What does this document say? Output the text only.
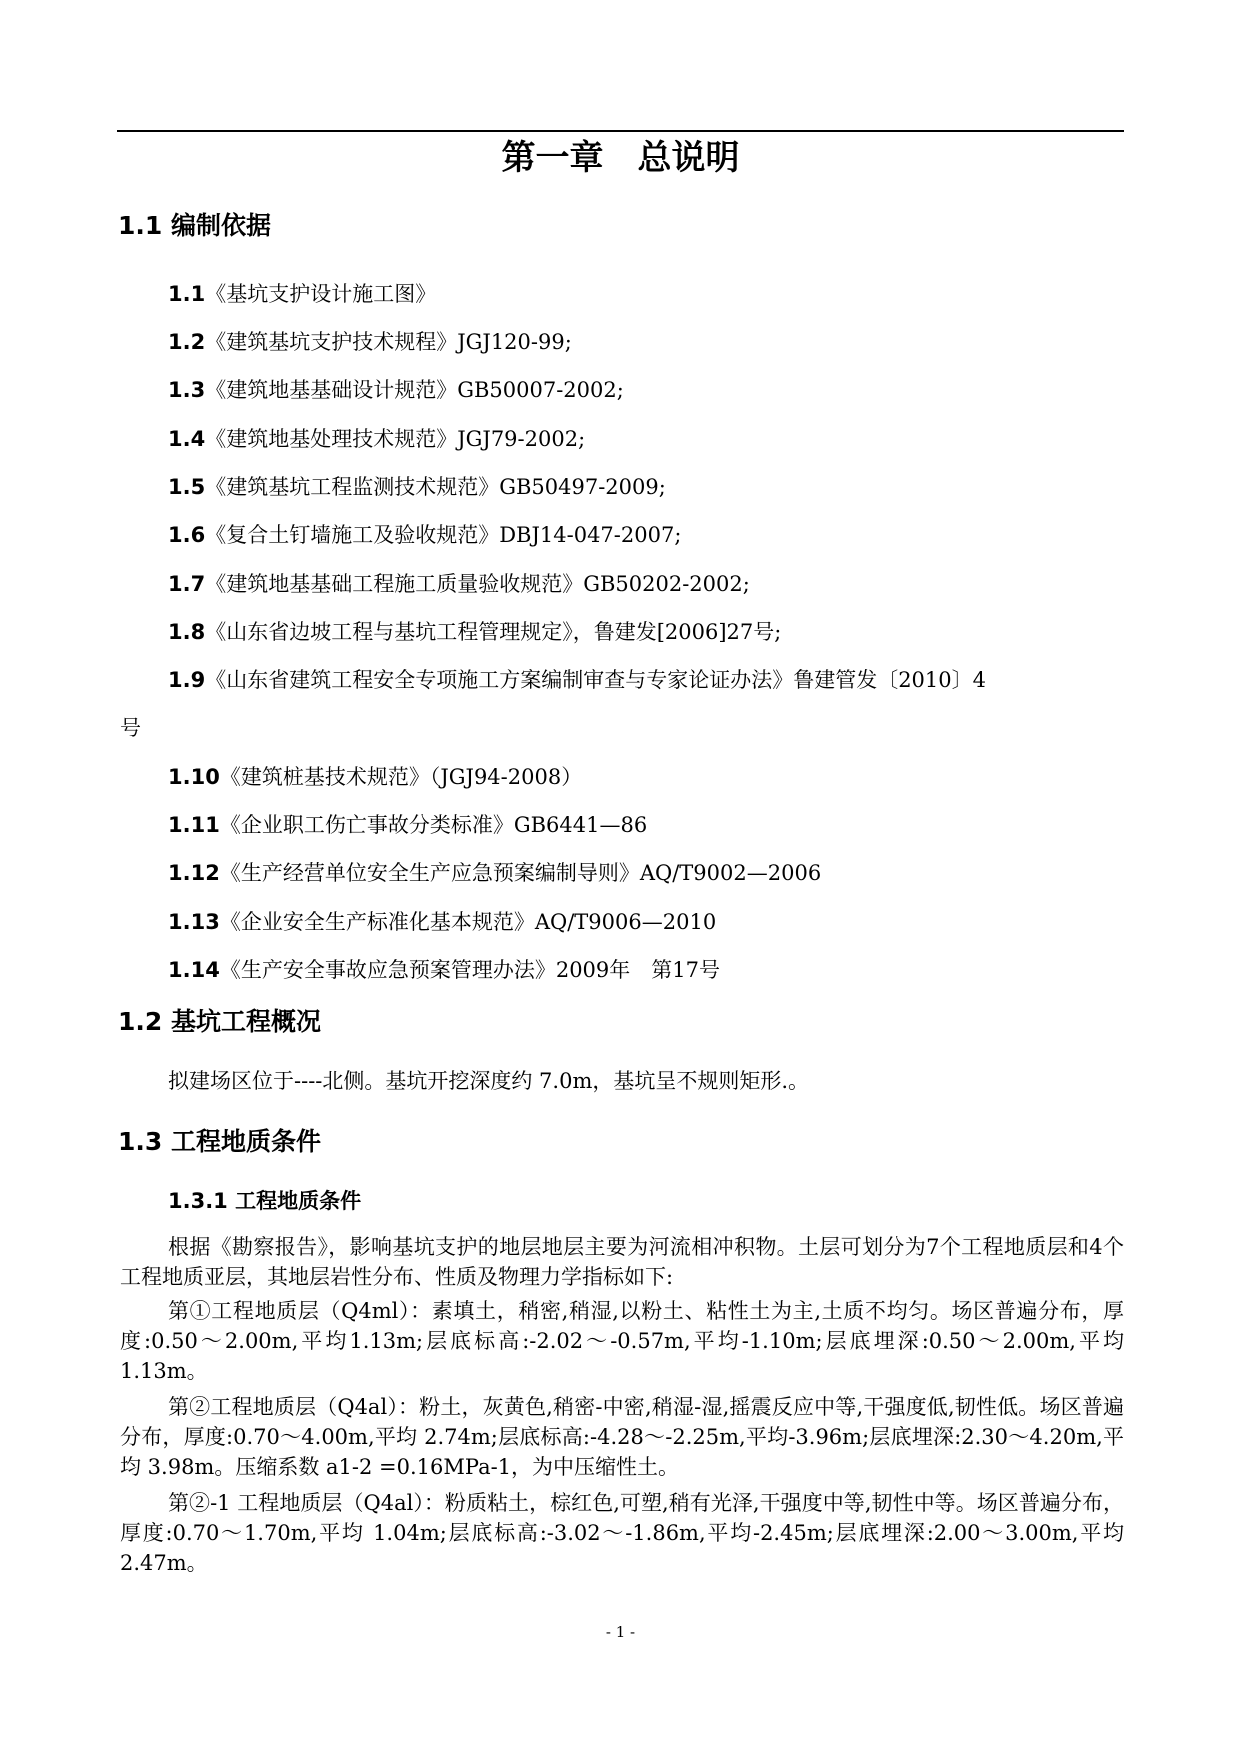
第一章　总说明
1.1 编制依据
1.1《基坑支护设计施工图》
1.2《建筑基坑支护技术规程》JGJ120-99;
1.3《建筑地基基础设计规范》GB50007-2002;
1.4《建筑地基处理技术规范》JGJ79-2002;
1.5《建筑基坑工程监测技术规范》GB50497-2009;
1.6《复合土钉墙施工及验收规范》DBJ14-047-2007;
1.7《建筑地基基础工程施工质量验收规范》GB50202-2002;
1.8《山东省边坡工程与基坑工程管理规定》，鲁建发[2006]27号;
1.9《山东省建筑工程安全专项施工方案编制审查与专家论证办法》鲁建管发〔2010〕4
号
1.10《建筑桩基技术规范》（JGJ94-2008）
1.11《企业职工伤亡事故分类标准》GB6441—86
1.12《生产经营单位安全生产应急预案编制导则》AQ/T9002—2006
1.13《企业安全生产标准化基本规范》AQ/T9006—2010
1.14《生产安全事故应急预案管理办法》2009年　第17号
1.2 基坑工程概况
拟建场区位于----北侧。基坑开挖深度约 7.0m，基坑呈不规则矩形.。
1.3 工程地质条件
1.3.1 工程地质条件
根据《勘察报告》，影响基坑支护的地层地层主要为河流相冲积物。土层可划分为7个工程地质层和4个工程地质亚层，其地层岩性分布、性质及物理力学指标如下:
第①工程地质层（Q4ml）：素填土，稍密,稍湿,以粉土、粘性土为主,土质不均匀。场区普遍分布，厚度:0.50～2.00m,平均1.13m;层底标高:-2.02～-0.57m,平均-1.10m;层底埋深:0.50～2.00m,平均1.13m。
第②工程地质层（Q4al）：粉土，灰黄色,稍密-中密,稍湿-湿,摇震反应中等,干强度低,韧性低。场区普遍分布，厚度:0.70～4.00m,平均 2.74m;层底标高:-4.28～-2.25m,平均-3.96m;层底埋深:2.30～4.20m,平均 3.98m。压缩系数 a1-2 =0.16MPa-1，为中压缩性土。
第②-1 工程地质层（Q4al）：粉质粘土，棕红色,可塑,稍有光泽,干强度中等,韧性中等。场区普遍分布，厚度:0.70～1.70m,平均 1.04m;层底标高:-3.02～-1.86m,平均-2.45m;层底埋深:2.00～3.00m,平均 2.47m。
- 1 -
